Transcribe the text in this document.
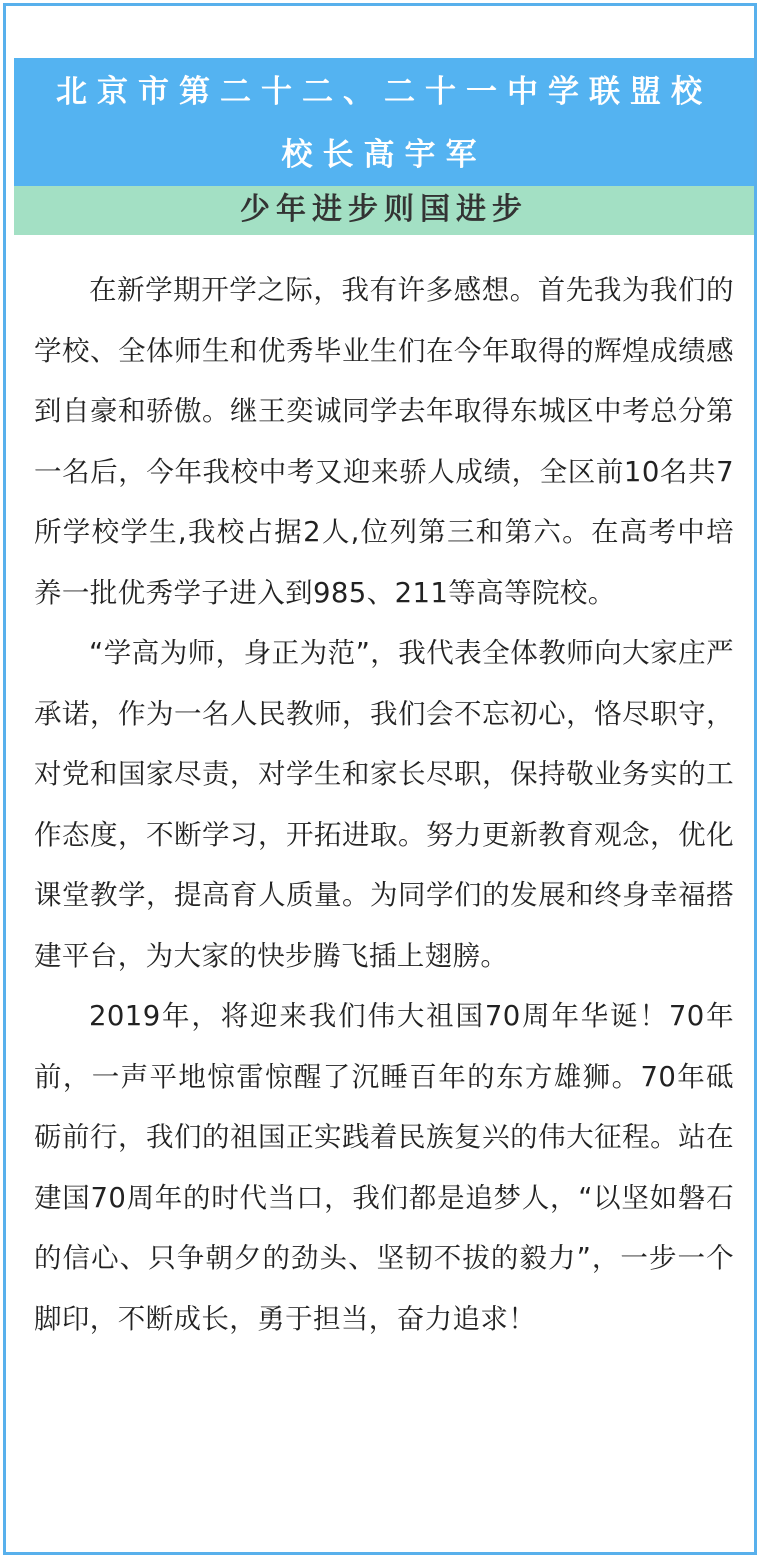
北京市第二十二、二十一中学联盟校
校长高宇军
少年进步则国进步

在新学期开学之际，我有许多感想。首先我为我们的学校、全体师生和优秀毕业生们在今年取得的辉煌成绩感到自豪和骄傲。继王奕诚同学去年取得东城区中考总分第一名后，今年我校中考又迎来骄人成绩，全区前10名共7所学校学生,我校占据2人,位列第三和第六。在高考中培养一批优秀学子进入到985、211等高等院校。

“学高为师，身正为范”，我代表全体教师向大家庄严承诺，作为一名人民教师，我们会不忘初心，恪尽职守，对党和国家尽责，对学生和家长尽职，保持敬业务实的工作态度，不断学习，开拓进取。努力更新教育观念，优化课堂教学，提高育人质量。为同学们的发展和终身幸福搭建平台，为大家的快步腾飞插上翅膀。

2019年，将迎来我们伟大祖国70周年华诞！70年前，一声平地惊雷惊醒了沉睡百年的东方雄狮。70年砥砺前行，我们的祖国正实践着民族复兴的伟大征程。站在建国70周年的时代当口，我们都是追梦人，“以坚如磐石的信心、只争朝夕的劲头、坚韧不拔的毅力”，一步一个脚印，不断成长，勇于担当，奋力追求！
